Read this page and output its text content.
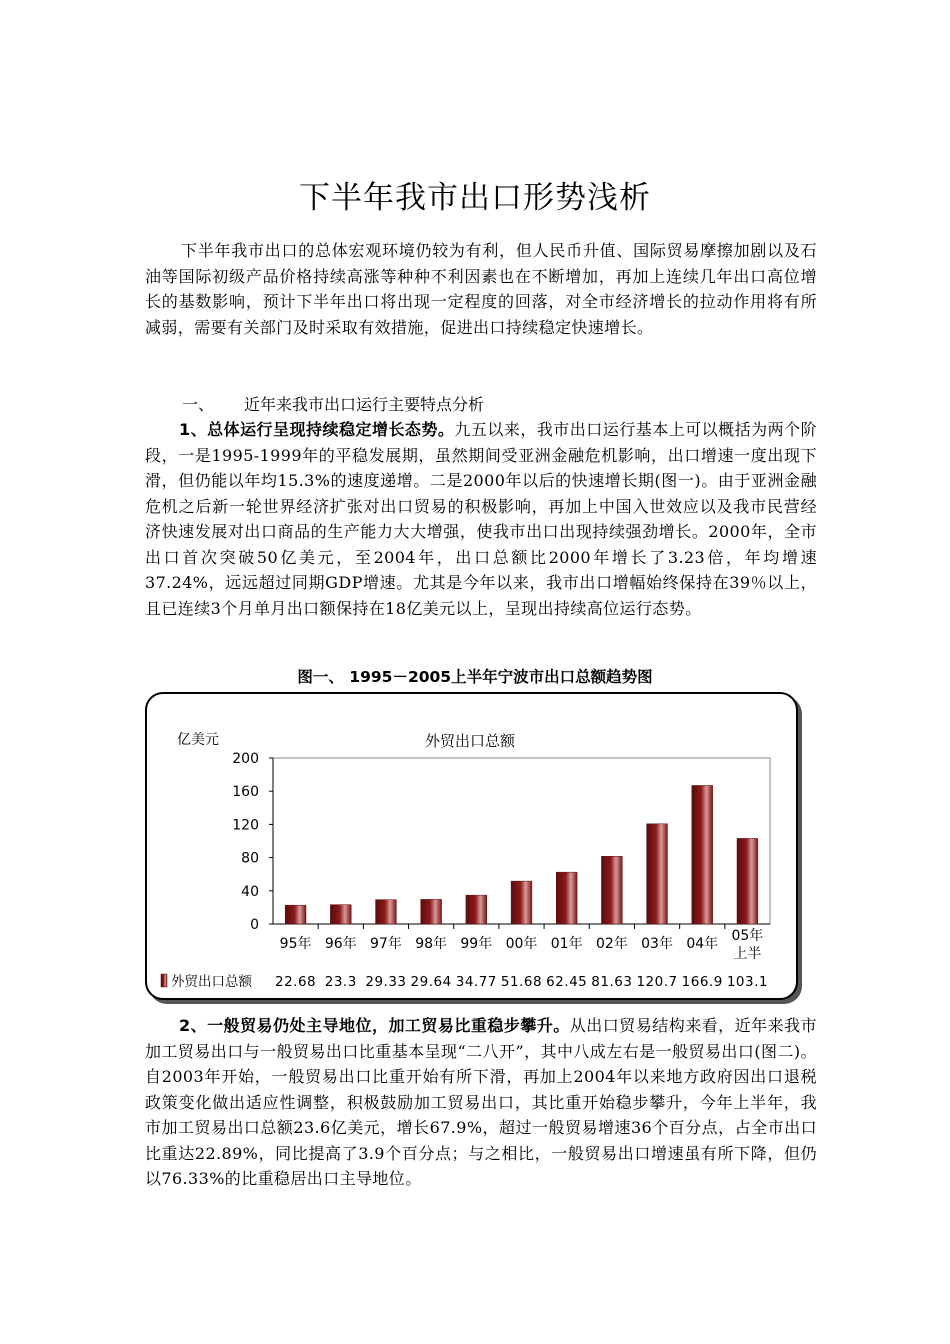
下半年我市出口形势浅析
下半年我市出口的总体宏观环境仍较为有利，但人民币升值、国际贸易摩擦加剧以及石油等国际初级产品价格持续高涨等种种不利因素也在不断增加，再加上连续几年出口高位增长的基数影响，预计下半年出口将出现一定程度的回落，对全市经济增长的拉动作用将有所减弱，需要有关部门及时采取有效措施，促进出口持续稳定快速增长。
一、 近年来我市出口运行主要特点分析
1、总体运行呈现持续稳定增长态势。九五以来，我市出口运行基本上可以概括为两个阶段，一是1995-1999年的平稳发展期，虽然期间受亚洲金融危机影响，出口增速一度出现下滑，但仍能以年均15.3%的速度递增。二是2000年以后的快速增长期(图一)。由于亚洲金融危机之后新一轮世界经济扩张对出口贸易的积极影响，再加上中国入世效应以及我市民营经济快速发展对出口商品的生产能力大大增强，使我市出口出现持续强劲增长。2000年，全市出口首次突破50亿美元，至2004年，出口总额比2000年增长了3.23倍，年均增速37.24%，远远超过同期GDP增速。尤其是今年以来，我市出口增幅始终保持在39％以上，且已连续3个月单月出口额保持在18亿美元以上，呈现出持续高位运行态势。
图一、 1995－2005上半年宁波市出口总额趋势图
亿美元	外贸出口总额
0
40
80
120
160
200
95年
22.68
96年
23.3
97年
29.33
98年
29.64
99年
34.77
00年
51.68
01年
62.45
02年
81.63
03年
120.7
04年
166.9
05年
上半
103.1
外贸出口总额
2、一般贸易仍处主导地位，加工贸易比重稳步攀升。从出口贸易结构来看，近年来我市加工贸易出口与一般贸易出口比重基本呈现“二八开”，其中八成左右是一般贸易出口(图二)。自2003年开始，一般贸易出口比重开始有所下滑，再加上2004年以来地方政府因出口退税政策变化做出适应性调整，积极鼓励加工贸易出口，其比重开始稳步攀升，今年上半年，我市加工贸易出口总额23.6亿美元，增长67.9%，超过一般贸易增速36个百分点，占全市出口比重达22.89%，同比提高了3.9个百分点；与之相比，一般贸易出口增速虽有所下降，但仍以76.33%的比重稳居出口主导地位。
